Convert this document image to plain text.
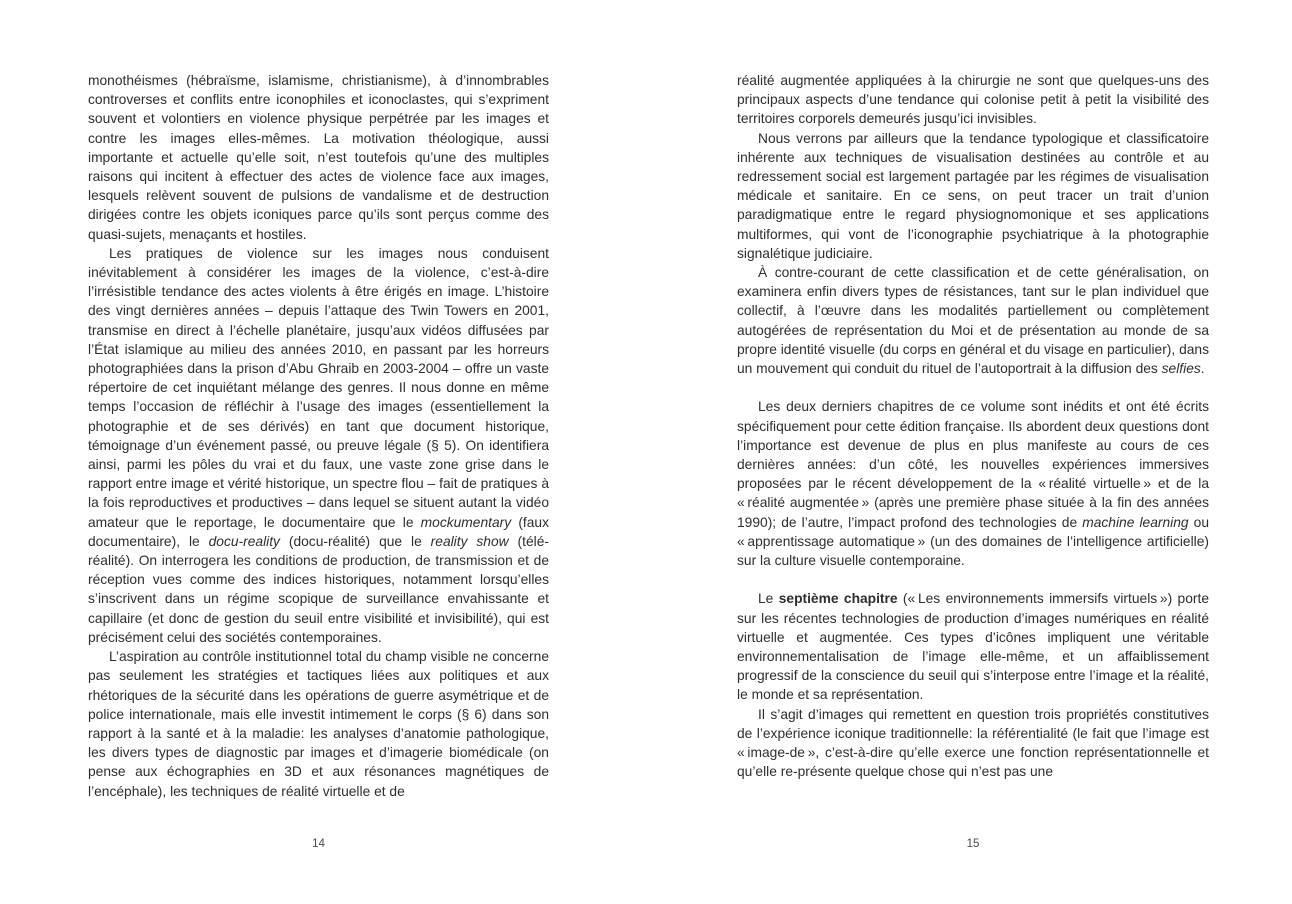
monothéismes (hébraïsme, islamisme, christianisme), à d’innombrables controverses et conflits entre iconophiles et iconoclastes, qui s’expriment souvent et volontiers en violence physique perpétrée par les images et contre les images elles-mêmes. La motivation théologique, aussi importante et actuelle qu’elle soit, n’est toutefois qu’une des multiples raisons qui incitent à effectuer des actes de violence face aux images, lesquels relèvent souvent de pulsions de vandalisme et de destruction dirigées contre les objets iconiques parce qu’ils sont perçus comme des quasi-sujets, menaçants et hostiles.

Les pratiques de violence sur les images nous conduisent inévitablement à considérer les images de la violence, c’est-à-dire l’irrésistible tendance des actes violents à être érigés en image. L’histoire des vingt dernières années – depuis l’attaque des Twin Towers en 2001, transmise en direct à l’échelle planétaire, jusqu’aux vidéos diffusées par l’État islamique au milieu des années 2010, en passant par les horreurs photographiées dans la prison d’Abu Ghraib en 2003-2004 – offre un vaste répertoire de cet inquiétant mélange des genres. Il nous donne en même temps l’occasion de réfléchir à l’usage des images (essentiellement la photographie et de ses dérivés) en tant que document historique, témoignage d’un événement passé, ou preuve légale (§ 5). On identifiera ainsi, parmi les pôles du vrai et du faux, une vaste zone grise dans le rapport entre image et vérité historique, un spectre flou – fait de pratiques à la fois reproductives et productives – dans lequel se situent autant la vidéo amateur que le reportage, le documentaire que le mockumentary (faux documentaire), le docu-reality (docu-réalité) que le reality show (télé-réalité). On interrogera les conditions de production, de transmission et de réception vues comme des indices historiques, notamment lorsqu’elles s’inscrivent dans un régime scopique de surveillance envahissante et capillaire (et donc de gestion du seuil entre visibilité et invisibilité), qui est précisément celui des sociétés contemporaines.

L’aspiration au contrôle institutionnel total du champ visible ne concerne pas seulement les stratégies et tactiques liées aux politiques et aux rhétoriques de la sécurité dans les opérations de guerre asymétrique et de police internationale, mais elle investit intimement le corps (§ 6) dans son rapport à la santé et à la maladie: les analyses d’anatomie pathologique, les divers types de diagnostic par images et d’imagerie biomédicale (on pense aux échographies en 3D et aux résonances magnétiques de l’encéphale), les techniques de réalité virtuelle et de

14

réalité augmentée appliquées à la chirurgie ne sont que quelques-uns des principaux aspects d’une tendance qui colonise petit à petit la visibilité des territoires corporels demeurés jusqu’ici invisibles.

Nous verrons par ailleurs que la tendance typologique et classificatoire inhérente aux techniques de visualisation destinées au contrôle et au redressement social est largement partagée par les régimes de visualisation médicale et sanitaire. En ce sens, on peut tracer un trait d’union paradigmatique entre le regard physiognomonique et ses applications multiformes, qui vont de l’iconographie psychiatrique à la photographie signalétique judiciaire.

À contre-courant de cette classification et de cette généralisation, on examinera enfin divers types de résistances, tant sur le plan individuel que collectif, à l’œuvre dans les modalités partiellement ou complètement autogérées de représentation du Moi et de présentation au monde de sa propre identité visuelle (du corps en général et du visage en particulier), dans un mouvement qui conduit du rituel de l’autoportrait à la diffusion des selfies.

Les deux derniers chapitres de ce volume sont inédits et ont été écrits spécifiquement pour cette édition française. Ils abordent deux questions dont l’importance est devenue de plus en plus manifeste au cours de ces dernières années: d’un côté, les nouvelles expériences immersives proposées par le récent développement de la « réalité virtuelle » et de la « réalité augmentée » (après une première phase située à la fin des années 1990); de l’autre, l’impact profond des technologies de machine learning ou « apprentissage automatique » (un des domaines de l’intelligence artificielle) sur la culture visuelle contemporaine.

Le septième chapitre (« Les environnements immersifs virtuels ») porte sur les récentes technologies de production d’images numériques en réalité virtuelle et augmentée. Ces types d’icônes impliquent une véritable environnementalisation de l’image elle-même, et un affaiblissement progressif de la conscience du seuil qui s’interpose entre l’image et la réalité, le monde et sa représentation.

Il s’agit d’images qui remettent en question trois propriétés constitutives de l’expérience iconique traditionnelle: la référentialité (le fait que l’image est « image-de », c’est-à-dire qu’elle exerce une fonction représentationnelle et qu’elle re-présente quelque chose qui n’est pas une

15
